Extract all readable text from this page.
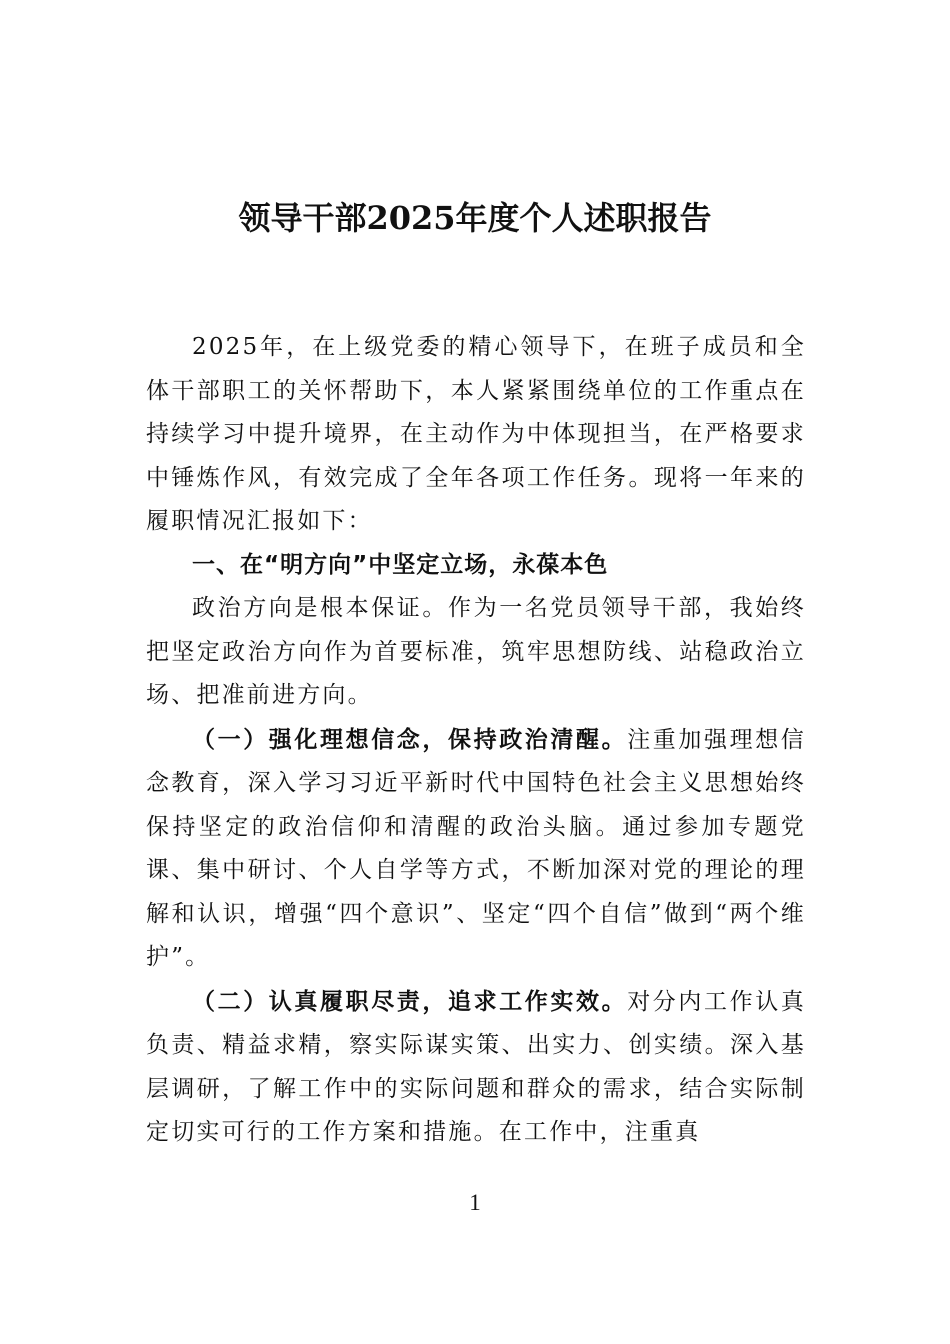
领导干部2025年度个人述职报告

2025年，在上级党委的精心领导下，在班子成员和全体干部职工的关怀帮助下，本人紧紧围绕单位的工作重点在持续学习中提升境界，在主动作为中体现担当，在严格要求中锤炼作风，有效完成了全年各项工作任务。现将一年来的履职情况汇报如下：

一、在“明方向”中坚定立场，永葆本色

政治方向是根本保证。作为一名党员领导干部，我始终把坚定政治方向作为首要标准，筑牢思想防线、站稳政治立场、把准前进方向。

（一）强化理想信念，保持政治清醒。注重加强理想信念教育，深入学习习近平新时代中国特色社会主义思想始终保持坚定的政治信仰和清醒的政治头脑。通过参加专题党课、集中研讨、个人自学等方式，不断加深对党的理论的理解和认识，增强“四个意识”、坚定“四个自信”做到“两个维护”。

（二）认真履职尽责，追求工作实效。对分内工作认真负责、精益求精，察实际谋实策、出实力、创实绩。深入基层调研，了解工作中的实际问题和群众的需求，结合实际制定切实可行的工作方案和措施。在工作中，注重真

1
